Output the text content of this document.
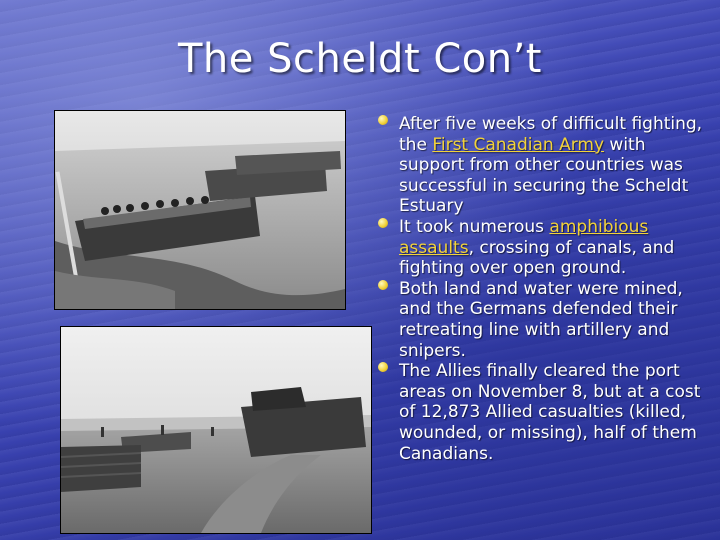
The Scheldt Con’t
After five weeks of difficult fighting, the First Canadian Army with support from other countries was successful in securing the Scheldt Estuary
It took numerous amphibious assaults, crossing of canals, and fighting over open ground.
Both land and water were mined, and the Germans defended their retreating line with artillery and snipers.
The Allies finally cleared the port areas on November 8, but at a cost of 12,873 Allied casualties (killed, wounded, or missing), half of them Canadians.
